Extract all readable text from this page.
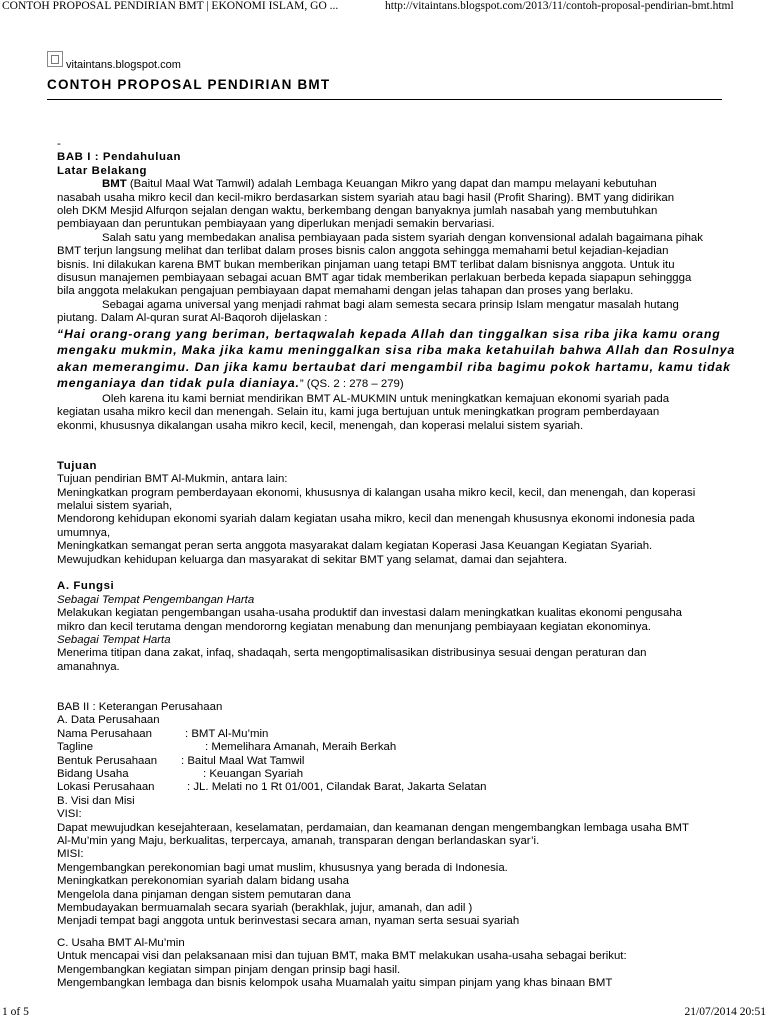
CONTOH PROPOSAL PENDIRIAN BMT | EKONOMI ISLAM, GO ...	http://vitaintans.blogspot.com/2013/11/contoh-proposal-pendirian-bmt.html
vitaintans.blogspot.com
CONTOH PROPOSAL PENDIRIAN BMT
-
BAB I : Pendahuluan
Latar Belakang
BMT (Baitul Maal Wat Tamwil) adalah Lembaga Keuangan Mikro yang dapat dan mampu melayani kebutuhan
nasabah usaha mikro kecil dan kecil-mikro berdasarkan sistem syariah atau bagi hasil (Profit Sharing). BMT yang didirikan
oleh DKM Mesjid Alfurqon sejalan dengan waktu, berkembang dengan banyaknya jumlah nasabah yang membutuhkan
pembiayaan dan peruntukan pembiayaan yang diperlukan menjadi semakin bervariasi.
Salah satu yang membedakan analisa pembiayaan pada sistem syariah dengan konvensional adalah bagaimana pihak
BMT terjun langsung melihat dan terlibat dalam proses bisnis calon anggota sehingga memahami betul kejadian-kejadian
bisnis. Ini dilakukan karena BMT bukan memberikan pinjaman uang tetapi BMT terlibat dalam bisnisnya anggota. Untuk itu
disusun manajemen pembiayaan sebagai acuan BMT agar tidak memberikan perlakuan berbeda kepada siapapun sehinggga
bila anggota melakukan pengajuan pembiayaan dapat memahami dengan jelas tahapan dan proses yang berlaku.
Sebagai agama universal yang menjadi rahmat bagi alam semesta secara prinsip Islam mengatur masalah hutang
piutang. Dalam Al-quran surat Al-Baqoroh dijelaskan :
“Hai orang-orang yang beriman, bertaqwalah kepada Allah dan tinggalkan sisa riba jika kamu orang
mengaku mukmin, Maka jika kamu meninggalkan sisa riba maka ketahuilah bahwa Allah dan Rosulnya
akan memerangimu. Dan jika kamu bertaubat dari mengambil riba bagimu pokok hartamu, kamu tidak
menganiaya dan tidak pula dianiaya.” (QS. 2 : 278 – 279)
Oleh karena itu kami berniat mendirikan BMT AL-MUKMIN untuk meningkatkan kemajuan ekonomi syariah pada
kegiatan usaha mikro kecil dan menengah. Selain itu, kami juga bertujuan untuk meningkatkan program pemberdayaan
ekonmi, khususnya dikalangan usaha mikro kecil, kecil, menengah, dan koperasi melalui sistem syariah.
Tujuan
Tujuan pendirian BMT Al-Mukmin, antara lain:
Meningkatkan program pemberdayaan ekonomi, khususnya di kalangan usaha mikro kecil, kecil, dan menengah, dan koperasi
melalui sistem syariah,
Mendorong kehidupan ekonomi syariah dalam kegiatan usaha mikro, kecil dan menengah khususnya ekonomi indonesia pada
umumnya,
Meningkatkan semangat peran serta anggota masyarakat dalam kegiatan Koperasi Jasa Keuangan Kegiatan Syariah.
Mewujudkan kehidupan keluarga dan masyarakat di sekitar BMT yang selamat, damai dan sejahtera.
A. Fungsi
Sebagai Tempat Pengembangan Harta
Melakukan kegiatan pengembangan usaha-usaha produktif dan investasi dalam meningkatkan kualitas ekonomi pengusaha
mikro dan kecil terutama dengan mendororng kegiatan menabung dan menunjang pembiayaan kegiatan ekonominya.
Sebagai Tempat Harta
Menerima titipan dana zakat, infaq, shadaqah, serta mengoptimalisasikan distribusinya sesuai dengan peraturan dan
amanahnya.
BAB II : Keterangan Perusahaan
A. Data Perusahaan
Nama Perusahaan	: BMT Al-Mu’min
Tagline	: Memelihara Amanah, Meraih Berkah
Bentuk Perusahaan : Baitul Maal Wat Tamwil
Bidang Usaha	: Keuangan Syariah
Lokasi Perusahaan	: JL. Melati no 1 Rt 01/001, Cilandak Barat, Jakarta Selatan
B. Visi dan Misi
VISI:
Dapat mewujudkan kesejahteraan, keselamatan, perdamaian, dan keamanan dengan mengembangkan lembaga usaha BMT
Al-Mu’min yang Maju, berkualitas, terpercaya, amanah, transparan dengan berlandaskan syar’i.
MISI:
Mengembangkan perekonomian bagi umat muslim, khususnya yang berada di Indonesia.
Meningkatkan perekonomian syariah dalam bidang usaha
Mengelola dana pinjaman dengan sistem pemutaran dana
Membudayakan bermuamalah secara syariah (berakhlak, jujur, amanah, dan adil )
Menjadi tempat bagi anggota untuk berinvestasi secara aman, nyaman serta sesuai syariah
C. Usaha BMT Al-Mu’min
Untuk mencapai visi dan pelaksanaan misi dan tujuan BMT, maka BMT melakukan usaha-usaha sebagai berikut:
Mengembangkan kegiatan simpan pinjam dengan prinsip bagi hasil.
Mengembangkan lembaga dan bisnis kelompok usaha Muamalah yaitu simpan pinjam yang khas binaan BMT
1 of 5	21/07/2014 20:51
